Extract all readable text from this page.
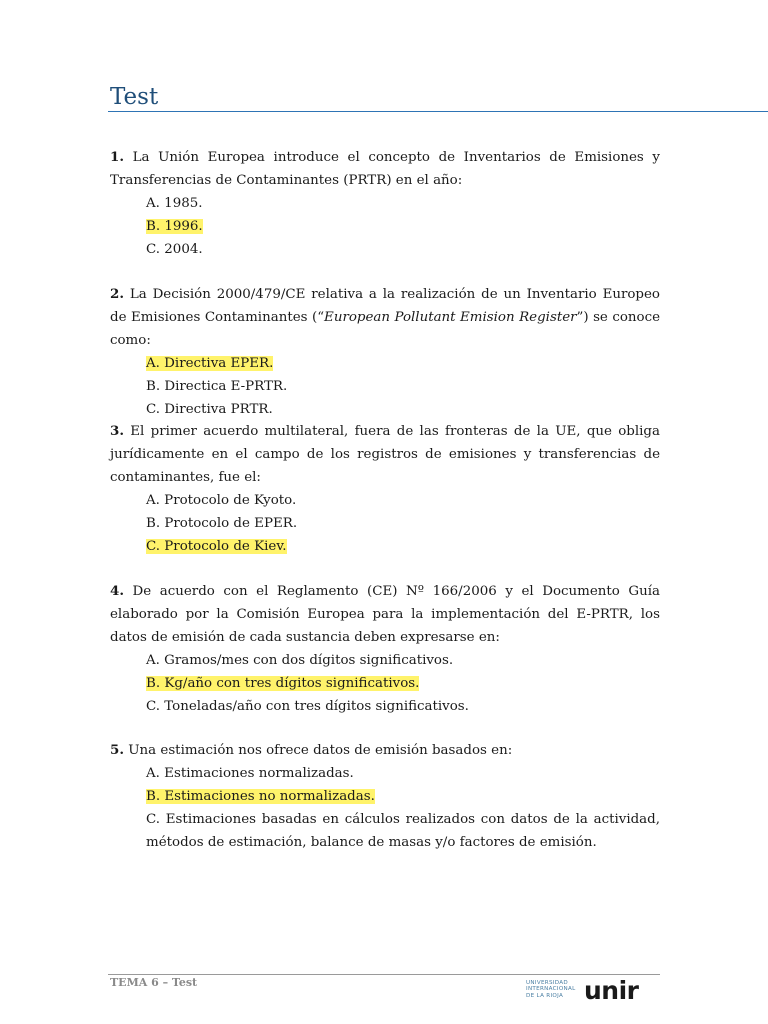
Test
1. La Unión Europea introduce el concepto de Inventarios de Emisiones y Transferencias de Contaminantes (PRTR) en el año:
A. 1985.
B. 1996.
C. 2004.
2. La Decisión 2000/479/CE relativa a la realización de un Inventario Europeo de Emisiones Contaminantes (“European Pollutant Emision Register”) se conoce como:
A. Directiva EPER.
B. Directica E-PRTR.
C. Directiva PRTR.
3. El primer acuerdo multilateral, fuera de las fronteras de la UE, que obliga jurídicamente en el campo de los registros de emisiones y transferencias de contaminantes, fue el:
A. Protocolo de Kyoto.
B. Protocolo de EPER.
C. Protocolo de Kiev.
4. De acuerdo con el Reglamento (CE) Nº 166/2006 y el Documento Guía elaborado por la Comisión Europea para la implementación del E-PRTR, los datos de emisión de cada sustancia deben expresarse en:
A. Gramos/mes con dos dígitos significativos.
B. Kg/año con tres dígitos significativos.
C. Toneladas/año con tres dígitos significativos.
5. Una estimación nos ofrece datos de emisión basados en:
A. Estimaciones normalizadas.
B. Estimaciones no normalizadas.
C. Estimaciones basadas en cálculos realizados con datos de la actividad, métodos de estimación, balance de masas y/o factores de emisión.
TEMA 6 – Test	UNIVERSIDAD
INTERNACIONAL
DE LA RIOJA unir
